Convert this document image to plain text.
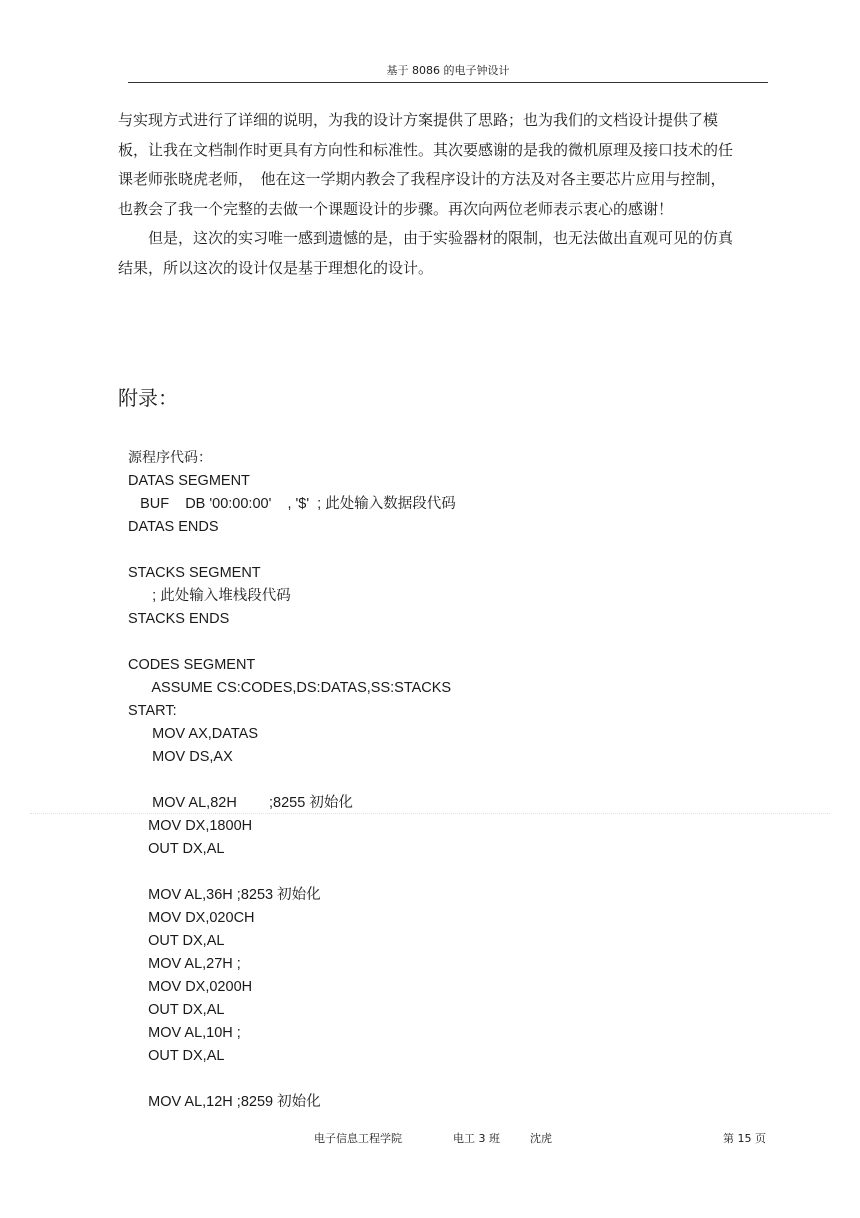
基于 8086 的电子钟设计

与实现方式进行了详细的说明，为我的设计方案提供了思路；也为我们的文档设计提供了模板，让我在文档制作时更具有方向性和标准性。其次要感谢的是我的微机原理及接口技术的任课老师张晓虎老师，　他在这一学期内教会了我程序设计的方法及对各主要芯片应用与控制，也教会了我一个完整的去做一个课题设计的步骤。再次向两位老师表示衷心的感谢！

但是，这次的实习唯一感到遗憾的是，由于实验器材的限制，也无法做出直观可见的仿真结果，所以这次的设计仅是基于理想化的设计。

附录：
源程序代码：
DATAS SEGMENT
BUF    DB '00:00:00'    , '$'  ; 此处输入数据段代码
DATAS ENDS
STACKS SEGMENT
; 此处输入堆栈段代码
STACKS ENDS
CODES SEGMENT
ASSUME CS:CODES,DS:DATAS,SS:STACKS
START:
MOV AX,DATAS
MOV DS,AX
MOV AL,82H        ;8255 初始化
MOV DX,1800H
OUT DX,AL
MOV AL,36H ;8253 初始化
MOV DX,020CH
OUT DX,AL
MOV AL,27H ;
MOV DX,0200H
OUT DX,AL
MOV AL,10H ;
OUT DX,AL
MOV AL,12H ;8259 初始化
电子信息工程学院	电工 3 班	沈虎	第 15 页
